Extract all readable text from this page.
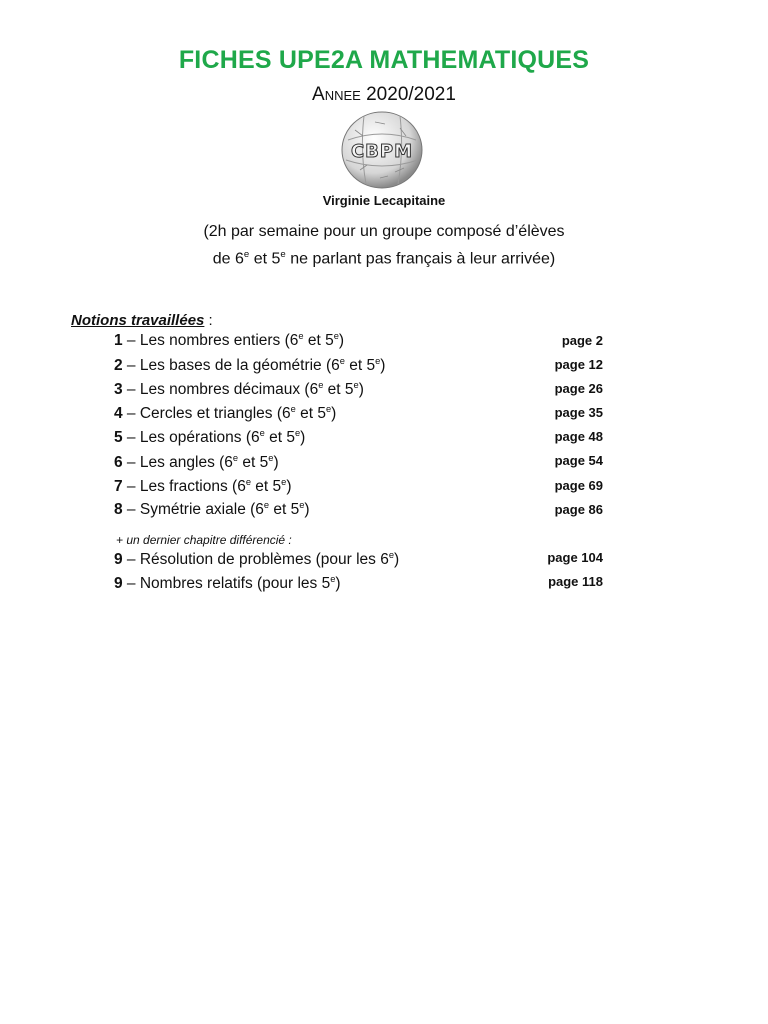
FICHES UPE2A MATHEMATIQUES
Annee 2020/2021
CBPM
Virginie Lecapitaine
(2h par semaine pour un groupe composé d’élèves
de 6e et 5e ne parlant pas français à leur arrivée)
Notions travaillées :
1 – Les nombres entiers (6e et 5e)	page 2
2 – Les bases de la géométrie (6e et 5e)	page 12
3 – Les nombres décimaux (6e et 5e)	page 26
4 – Cercles et triangles (6e et 5e)	page 35
5 – Les opérations (6e et 5e)	page 48
6 – Les angles (6e et 5e)	page 54
7 – Les fractions (6e et 5e)	page 69
8 – Symétrie axiale (6e et 5e)	page 86
+ un dernier chapitre différencié :
9 – Résolution de problèmes (pour les 6e)	page 104
9 – Nombres relatifs (pour les 5e)	page 118
